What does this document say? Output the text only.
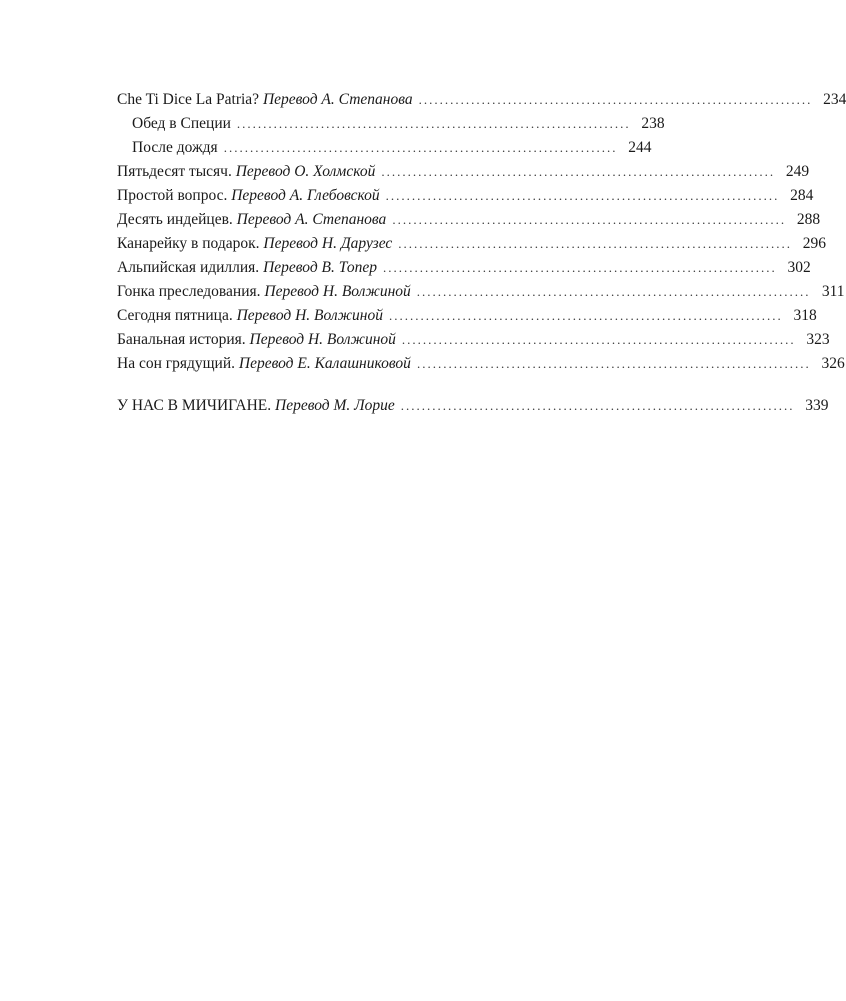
Che Ti Dice La Patria? Перевод А. Степанова ........................................................................... 234
Обед в Специи ........................................................................... 238
После дождя ........................................................................... 244
Пятьдесят тысяч. Перевод О. Холмской ........................................................................... 249
Простой вопрос. Перевод А. Глебовской ........................................................................... 284
Десять индейцев. Перевод А. Степанова ........................................................................... 288
Канарейку в подарок. Перевод Н. Дарузес ........................................................................... 296
Альпийская идиллия. Перевод В. Топер ........................................................................... 302
Гонка преследования. Перевод Н. Волжиной ........................................................................... 311
Сегодня пятница. Перевод Н. Волжиной ........................................................................... 318
Банальная история. Перевод Н. Волжиной ........................................................................... 323
На сон грядущий. Перевод Е. Калашниковой ........................................................................... 326
У НАС В МИЧИГАНЕ. Перевод М. Лорие ........................................................................... 339
